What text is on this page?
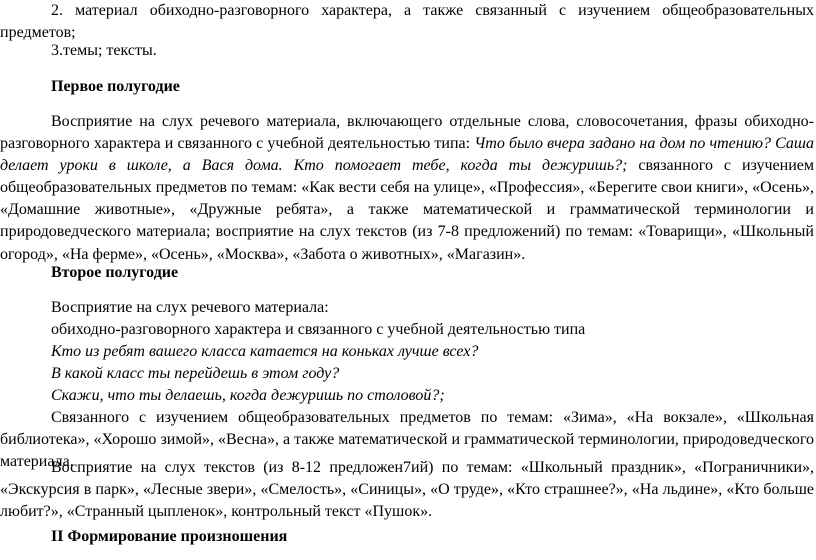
2. материал обиходно-разговорного характера, а также связанный с изучением общеобразовательных предметов;

3.темы; тексты.

Первое полугодие

Восприятие на слух речевого материала, включающего отдельные слова, словосочетания, фразы обиходно-разговорного характера и связанного с учебной деятельностью типа: Что было вчера задано на дом по чтению? Саша делает уроки в школе, а Вася дома. Кто помогает тебе, когда ты дежуришь?; связанного с изучением общеобразовательных предметов по темам: «Как вести себя на улице», «Профессия», «Берегите свои книги», «Осень», «Домашние животные», «Дружные ребята», а также математической и грамматической терминологии и природоведческого материала; восприятие на слух текстов (из 7-8 предложений) по темам: «Товарищи», «Школьный огород», «На ферме», «Осень», «Москва», «Забота о животных», «Магазин».

Второе полугодие

Восприятие на слух речевого материала:

обиходно-разговорного характера и связанного с учебной деятельностью типа

Кто из ребят вашего класса катается на коньках лучше всех?

В какой класс ты перейдешь в этом году?

Скажи, что ты делаешь, когда дежуришь по столовой?;

Связанного с изучением общеобразовательных предметов по темам: «Зима», «На вокзале», «Школьная библиотека», «Хорошо зимой», «Весна», а также математической и грамматической терминологии, природоведческого материала.

Восприятие на слух текстов (из 8-12 предложен7ий) по темам: «Школьный праздник», «Пограничники», «Экскурсия в парк», «Лесные звери», «Смелость», «Синицы», «О труде», «Кто страшнее?», «На льдине», «Кто больше любит?», «Странный цыпленок», контрольный текст «Пушок».

II Формирование произношения
